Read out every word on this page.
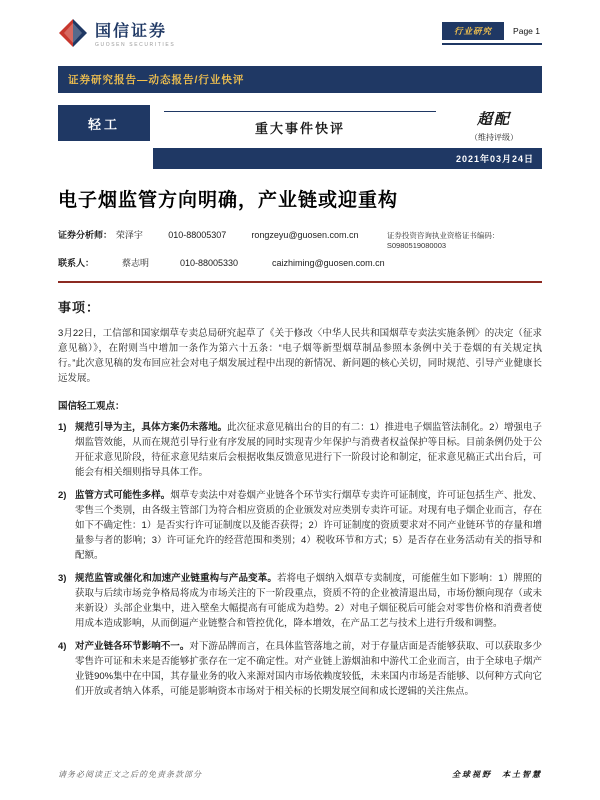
国信证券
GUOSEN SECURITIES
行业研究	Page 1
证券研究报告—动态报告/行业快评
轻工	重大事件快评
超配
（维持评级）
2021年03月24日
电子烟监管方向明确，产业链或迎重构
证券分析师： 荣泽宇	010-88005307	rongzeyu@guosen.com.cn	证券投资咨询执业资格证书编码：S0980519080003
联系人：	蔡志明	010-88005330	caizhiming@guosen.com.cn
事项：

3月22日，工信部和国家烟草专卖总局研究起草了《关于修改〈中华人民共和国烟草专卖法实施条例〉的决定（征求意见稿）》，在附则当中增加一条作为第六十五条：“电子烟等新型烟草制品参照本条例中关于卷烟的有关规定执行。”此次意见稿的发布回应社会对电子烟发展过程中出现的新情况、新问题的核心关切，同时规范、引导产业健康长远发展。

国信轻工观点：

1) 规范引导为主，具体方案仍未落地。此次征求意见稿出台的目的有二：1）推进电子烟监管法制化。2）增强电子烟监管效能，从而在规范引导行业有序发展的同时实现青少年保护与消费者权益保护等目标。目前条例仍处于公开征求意见阶段，待征求意见结束后会根据收集反馈意见进行下一阶段讨论和制定，征求意见稿正式出台后，可能会有相关细则指导具体工作。
2) 监管方式可能性多样。烟草专卖法中对卷烟产业链各个环节实行烟草专卖许可证制度，许可证包括生产、批发、零售三个类别，由各级主管部门为符合相应资质的企业颁发对应类别专卖许可证。对现有电子烟企业而言，存在如下不确定性：1）是否实行许可证制度以及能否获得；2）许可证制度的资质要求对不同产业链环节的存量和增量参与者的影响；3）许可证允许的经营范围和类别；4）税收环节和方式；5）是否存在业务活动有关的指导和配额。
3) 规范监管或催化和加速产业链重构与产品变革。若将电子烟纳入烟草专卖制度，可能催生如下影响：1）牌照的获取与后续市场竞争格局将成为市场关注的下一阶段重点，资质不符的企业被清退出局，市场份额向现存（或未来新设）头部企业集中，进入壁垒大幅提高有可能成为趋势。2）对电子烟征税后可能会对零售价格和消费者使用成本造成影响，从而倒逼产业链整合和管控优化，降本增效，在产品工艺与技术上进行升级和调整。
4) 对产业链各环节影响不一。对下游品牌而言，在具体监管落地之前，对于存量店面是否能够获取、可以获取多少零售许可证和未来是否能够扩张存在一定不确定性。对产业链上游烟油和中游代工企业而言，由于全球电子烟产业链90%集中在中国，其存量业务的收入来源对国内市场依赖度较低，未来国内市场是否能够、以何种方式向它们开放或者纳入体系，可能是影响资本市场对于相关标的长期发展空间和成长逻辑的关注焦点。
请务必阅读正文之后的免责条款部分	全球视野　本土智慧
